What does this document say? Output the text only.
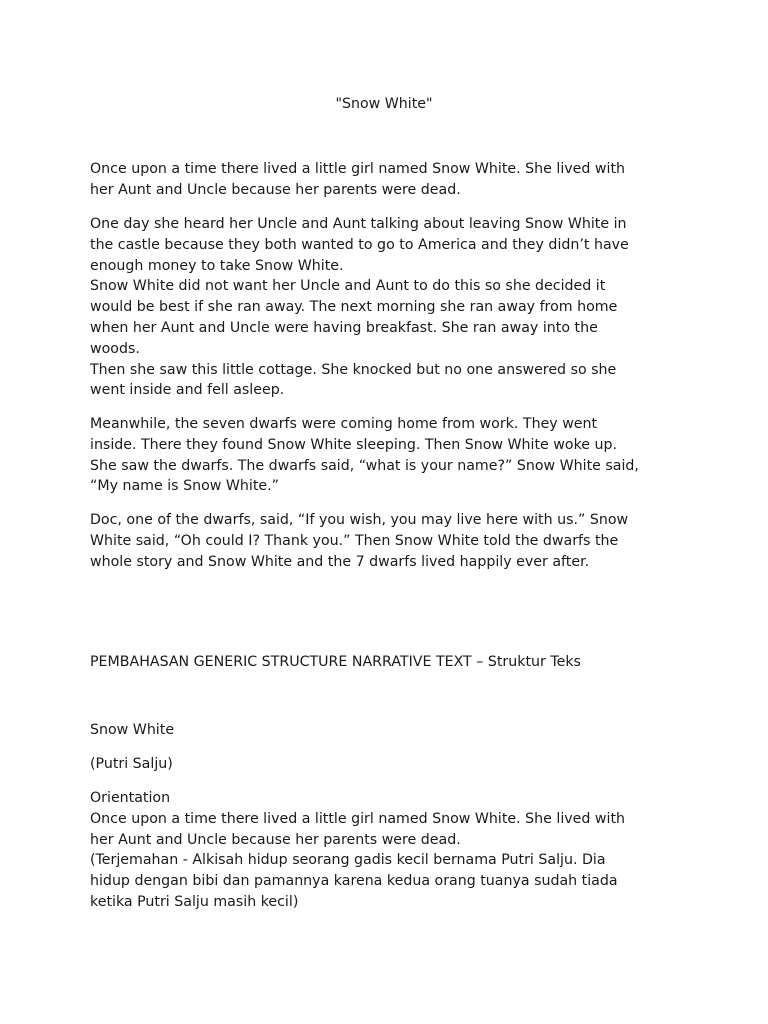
"Snow White"
Once upon a time there lived a little girl named Snow White. She lived with
her Aunt and Uncle because her parents were dead.
One day she heard her Uncle and Aunt talking about leaving Snow White in
the castle because they both wanted to go to America and they didn’t have
enough money to take Snow White.
Snow White did not want her Uncle and Aunt to do this so she decided it
would be best if she ran away. The next morning she ran away from home
when her Aunt and Uncle were having breakfast. She ran away into the
woods.
Then she saw this little cottage. She knocked but no one answered so she
went inside and fell asleep.
Meanwhile, the seven dwarfs were coming home from work. They went
inside. There they found Snow White sleeping. Then Snow White woke up.
She saw the dwarfs. The dwarfs said, “what is your name?” Snow White said,
“My name is Snow White.”
Doc, one of the dwarfs, said, “If you wish, you may live here with us.” Snow
White said, “Oh could I? Thank you.” Then Snow White told the dwarfs the
whole story and Snow White and the 7 dwarfs lived happily ever after.
PEMBAHASAN GENERIC STRUCTURE NARRATIVE TEXT – Struktur Teks
Snow White
(Putri Salju)
Orientation
Once upon a time there lived a little girl named Snow White. She lived with
her Aunt and Uncle because her parents were dead.
(Terjemahan - Alkisah hidup seorang gadis kecil bernama Putri Salju. Dia
hidup dengan bibi dan pamannya karena kedua orang tuanya sudah tiada
ketika Putri Salju masih kecil)
